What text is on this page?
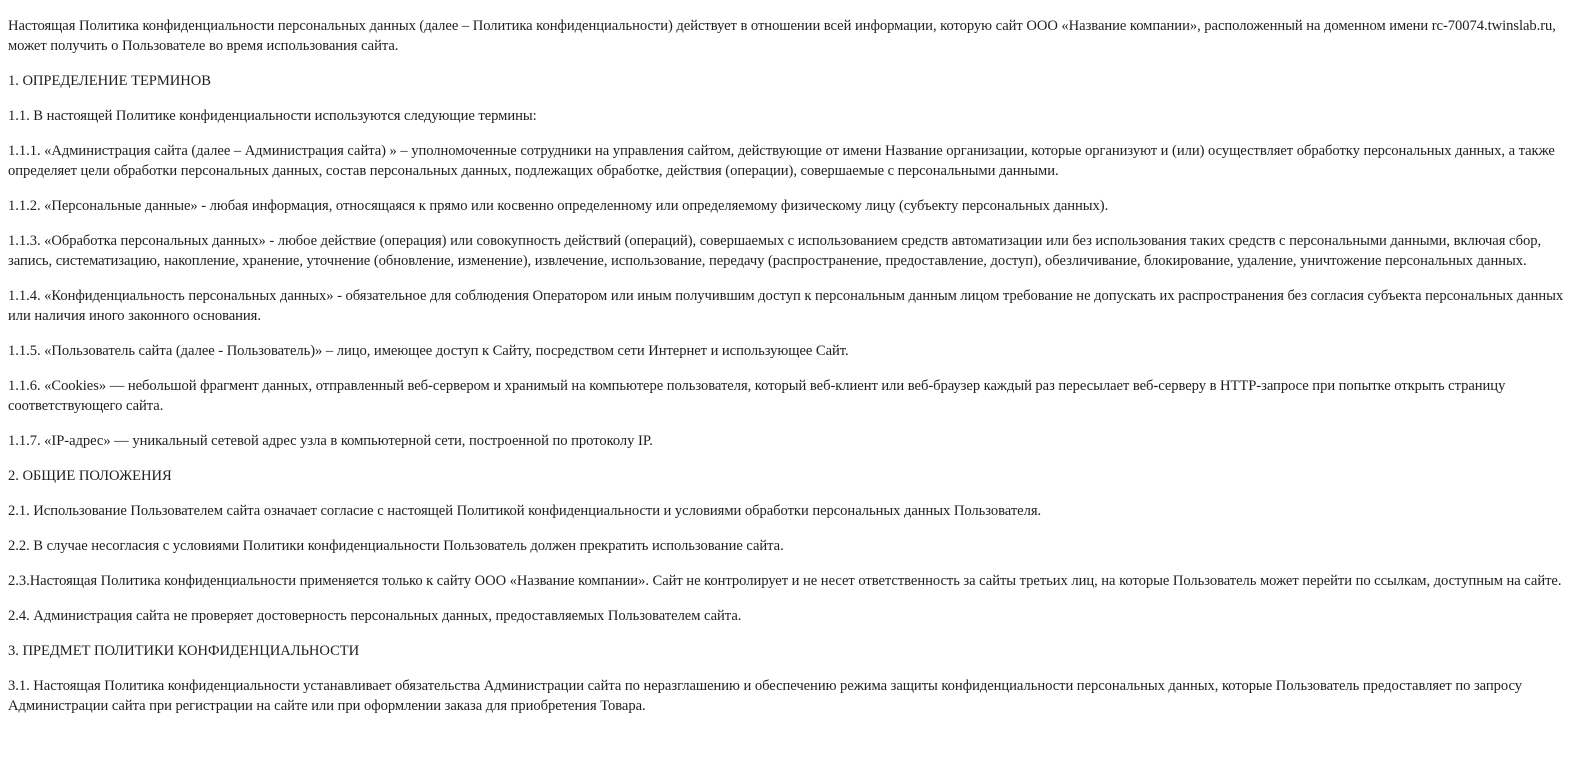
Настоящая Политика конфиденциальности персональных данных (далее – Политика конфиденциальности) действует в отношении всей информации, которую сайт ООО «Название компании», расположенный на доменном имени rc-70074.twinslab.ru, может получить о Пользователе во время использования сайта.

1. ОПРЕДЕЛЕНИЕ ТЕРМИНОВ

1.1. В настоящей Политике конфиденциальности используются следующие термины:

1.1.1. «Администрация сайта (далее – Администрация сайта) » – уполномоченные сотрудники на управления сайтом, действующие от имени Название организации, которые организуют и (или) осуществляет обработку персональных данных, а также определяет цели обработки персональных данных, состав персональных данных, подлежащих обработке, действия (операции), совершаемые с персональными данными.

1.1.2. «Персональные данные» - любая информация, относящаяся к прямо или косвенно определенному или определяемому физическому лицу (субъекту персональных данных).

1.1.3. «Обработка персональных данных» - любое действие (операция) или совокупность действий (операций), совершаемых с использованием средств автоматизации или без использования таких средств с персональными данными, включая сбор, запись, систематизацию, накопление, хранение, уточнение (обновление, изменение), извлечение, использование, передачу (распространение, предоставление, доступ), обезличивание, блокирование, удаление, уничтожение персональных данных.

1.1.4. «Конфиденциальность персональных данных» - обязательное для соблюдения Оператором или иным получившим доступ к персональным данным лицом требование не допускать их распространения без согласия субъекта персональных данных или наличия иного законного основания.

1.1.5. «Пользователь сайта (далее - Пользователь)» – лицо, имеющее доступ к Сайту, посредством сети Интернет и использующее Сайт.

1.1.6. «Cookies» — небольшой фрагмент данных, отправленный веб-сервером и хранимый на компьютере пользователя, который веб-клиент или веб-браузер каждый раз пересылает веб-серверу в HTTP-запросе при попытке открыть страницу соответствующего сайта.

1.1.7. «IP-адрес» — уникальный сетевой адрес узла в компьютерной сети, построенной по протоколу IP.

2. ОБЩИЕ ПОЛОЖЕНИЯ

2.1. Использование Пользователем сайта означает согласие с настоящей Политикой конфиденциальности и условиями обработки персональных данных Пользователя.

2.2. В случае несогласия с условиями Политики конфиденциальности Пользователь должен прекратить использование сайта.

2.3.Настоящая Политика конфиденциальности применяется только к сайту ООО «Название компании». Сайт не контролирует и не несет ответственность за сайты третьих лиц, на которые Пользователь может перейти по ссылкам, доступным на сайте.

2.4. Администрация сайта не проверяет достоверность персональных данных, предоставляемых Пользователем сайта.

3. ПРЕДМЕТ ПОЛИТИКИ КОНФИДЕНЦИАЛЬНОСТИ

3.1. Настоящая Политика конфиденциальности устанавливает обязательства Администрации сайта по неразглашению и обеспечению режима защиты конфиденциальности персональных данных, которые Пользователь предоставляет по запросу Администрации сайта при регистрации на сайте или при оформлении заказа для приобретения Товара.
